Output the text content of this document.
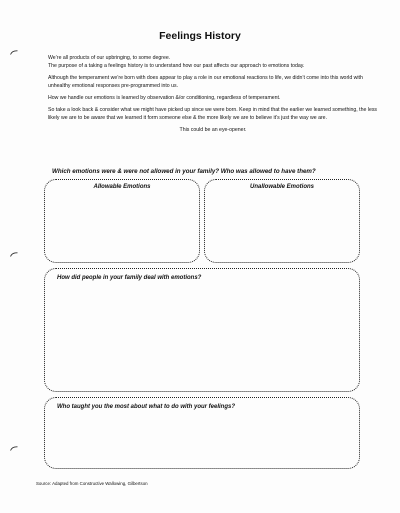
Feelings History

We’re all products of our upbringing, to some degree.
The purpose of a taking a feelings history is to understand how our past affects our approach to emotions today.

Although the temperament we’re born with does appear to play a role in our emotional reactions to life, we didn’t come into this world with unhealthy emotional responses pre-programmed into us.

How we handle our emotions is learned by observation &/or conditioning, regardless of temperament.

So take a look back & consider what we might have picked up since we were born. Keep in mind that the earlier we learned something, the less likely we are to be aware that we learned it form someone else & the more likely we are to believe it’s just the way we are.

This could be an eye-opener.

Which emotions were & were not allowed in your family? Who was allowed to have them?

Allowable Emotions	Unallowable Emotions

How did people in your family deal with emotions?

Who taught you the most about what to do with your feelings?

Source: Adapted from Constructive Wallowing, Gilbertson
